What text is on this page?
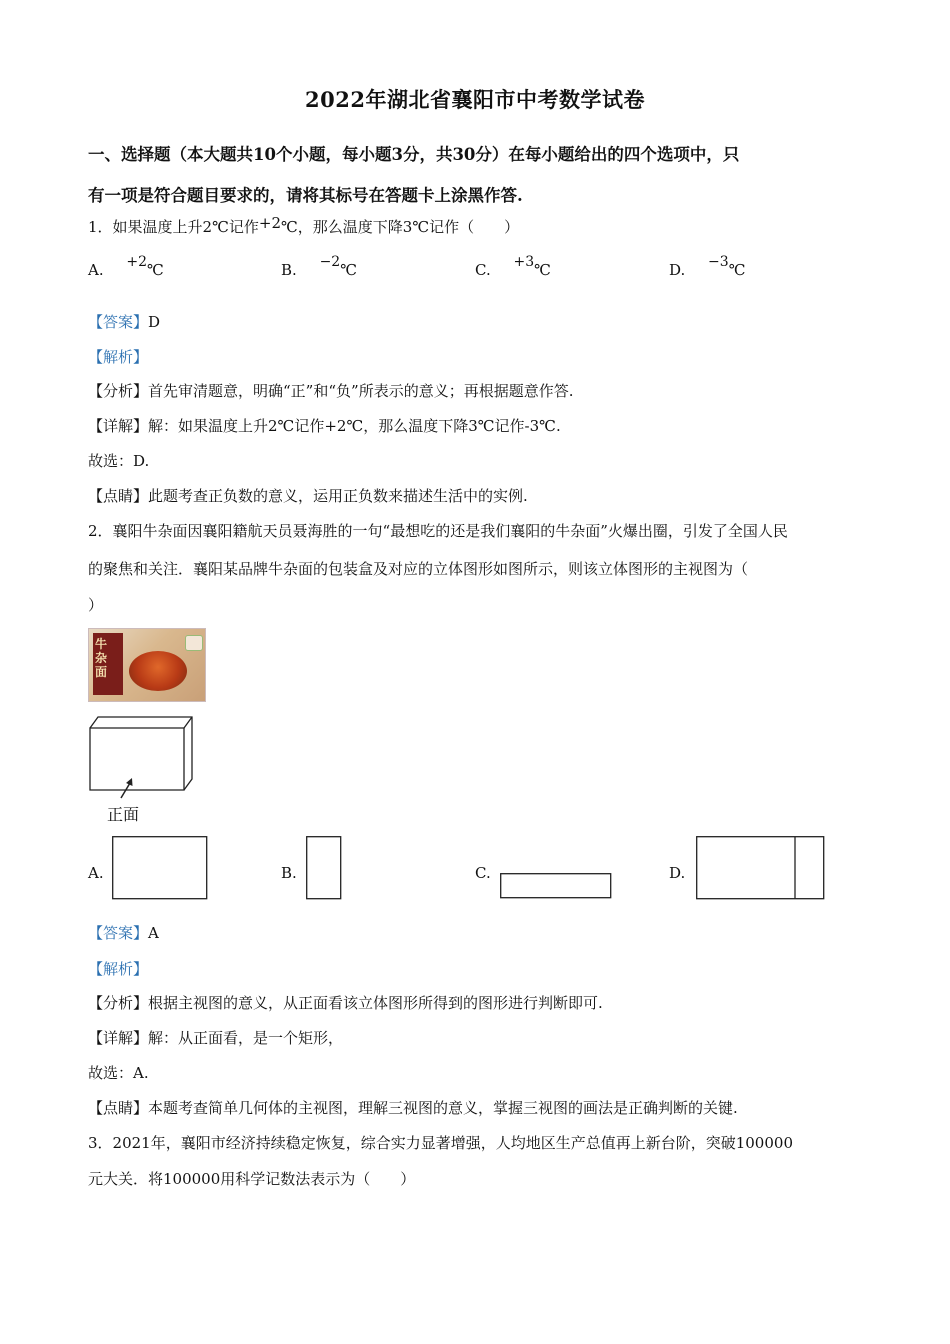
2022年湖北省襄阳市中考数学试卷
一、选择题（本大题共10个小题，每小题3分，共30分）在每小题给出的四个选项中，只
有一项是符合题目要求的，请将其标号在答题卡上涂黑作答.
1．如果温度上升2℃记作+2℃，那么温度下降3℃记作（　　）
A. +2℃	B. −2℃	C. +3℃	D. −3℃
【答案】D
【解析】
【分析】首先审清题意，明确“正”和“负”所表示的意义；再根据题意作答.
【详解】解：如果温度上升2℃记作+2℃，那么温度下降3℃记作-3℃.
故选：D.
【点睛】此题考查正负数的意义，运用正负数来描述生活中的实例.
2．襄阳牛杂面因襄阳籍航天员聂海胜的一句“最想吃的还是我们襄阳的牛杂面”火爆出圈，引发了全国人民
的聚焦和关注．襄阳某品牌牛杂面的包装盒及对应的立体图形如图所示，则该立体图形的主视图为（
）
牛杂面
正面
A.	B.	C.	D.
【答案】A
【解析】
【分析】根据主视图的意义，从正面看该立体图形所得到的图形进行判断即可.
【详解】解：从正面看，是一个矩形，
故选：A.
【点睛】本题考查简单几何体的主视图，理解三视图的意义，掌握三视图的画法是正确判断的关键.
3．2021年，襄阳市经济持续稳定恢复，综合实力显著增强，人均地区生产总值再上新台阶，突破100000
元大关．将100000用科学记数法表示为（　　）
